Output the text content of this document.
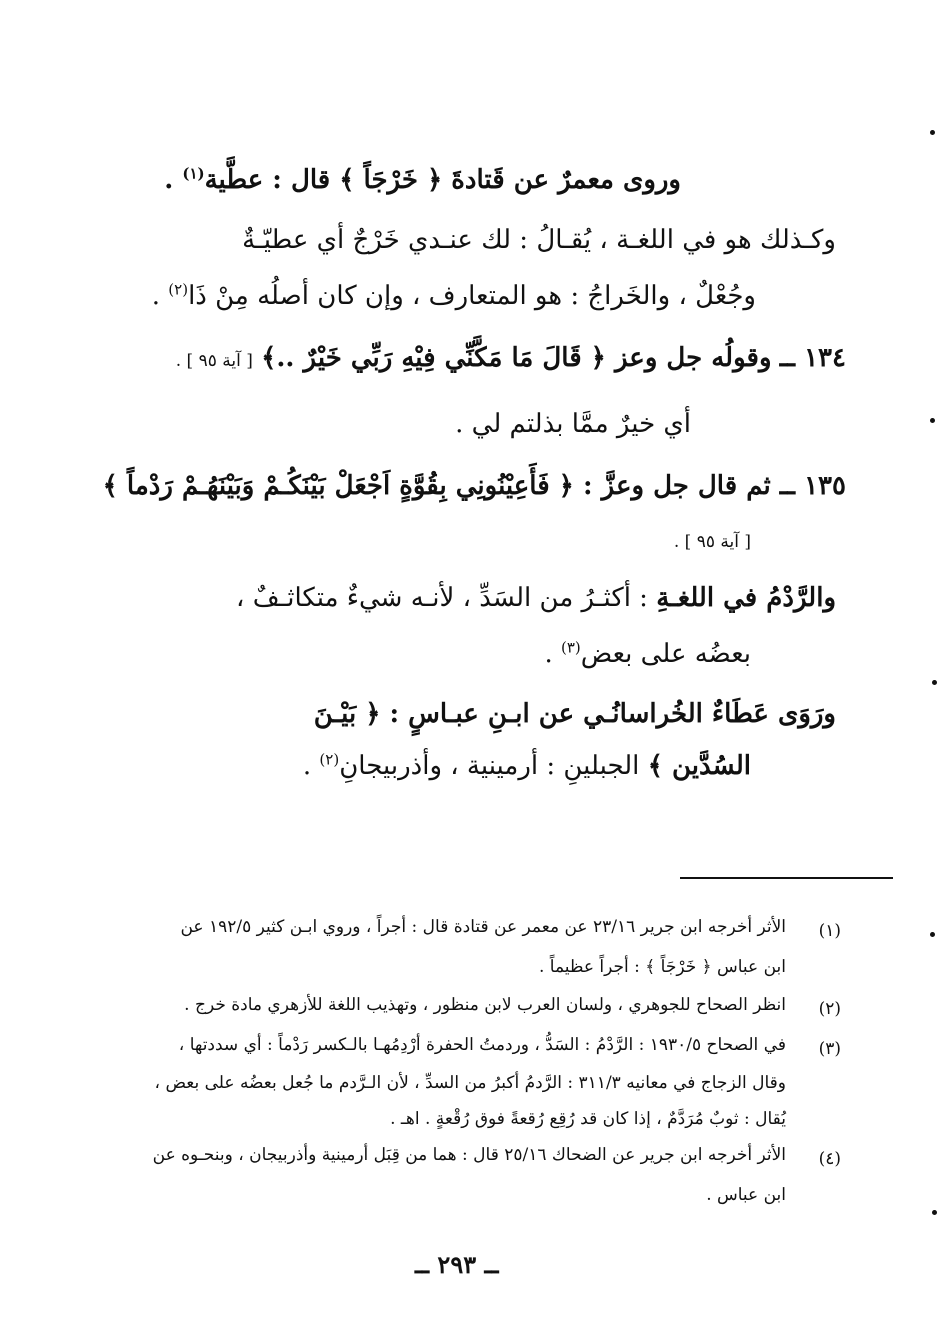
وروى معمرٌ عن قَتادةَ ﴿ خَرْجَاً ﴾ قال : عطَّية$^{(١)}$ .
وكـذلك هو في اللغـة ، يُقـالُ : لك عنـدي خَرْجٌ أي عطيّـةٌ
وجُعْلٌ ، والخَراجُ : هو المتعارف ، وإن كان أصلُه مِنْ ذَا$^{(٢)}$ .
١٣٤ ــ وقولُه جل وعز ﴿ قَالَ مَا مَكَّنِّي فِيْهِ رَبِّي خَيْرٌ ..﴾ [ آية ٩٥ ] .
أي خيرٌ ممَّا بذلتم لي .
١٣٥ ــ ثم قال جل وعزَّ : ﴿ فَأَعِيْنُونِي بِقُوَّةٍ اَجْعَلْ بَيْنَكُـمْ وَبَيْنَهُـمْ رَدْماً ﴾
[ آية ٩٥ ] .
والرَّدْمُ في اللغـةِ : أكثـرُ من السَدِّ ، لأنـه شيءٌ متكاثـفٌ ،
بعضُه على بعض$^{(٣)}$ .
ورَوَى عَطَاءٌ الخُراسانُـي عن ابـنِ عبـاسٍ : ﴿ بَيْـنَ
السُدَّين ﴾ الجبلينِ : أرمينية ، وأذربيجانِ$^{(٢)}$ .
(١)
الأثر أخرجه ابن جرير ٢٣/١٦ عن معمر عن قتادة قال : أجراً ، وروي ابـن كثير ١٩٢/٥ عن
ابن عباس ﴿ خَرْجَاً ﴾ : أجراً عظيماً .
(٢)
انظر الصحاح للجوهري ، ولسان العرب لابن منظور ، وتهذيب اللغة للأزهري مادة خرج .
(٣)
في الصحاح ١٩٣٠/٥ : الرَّدْمُ : السَدُّ ، وردمتُ الحفرة أرْدِمُهـا بالـكسر رَدْماً : أي سددتها ،
وقال الزجاج في معانيه ٣١١/٣ : الرَّدمُ أكبرُ من السدِّ ، لأن الـرَّدم ما جُعل بعضُه على بعض ،
يُقال : ثوبٌ مُرَدَّمٌ ، إذا كان قد رُقِع رُقعةً فوق رُقْعةٍ . اهـ .
(٤)
الأثر أخرجه ابن جرير عن الضحاك ٢٥/١٦ قال : هما من قِبَل أرمينية وأذربيجان ، وبنحـوه عن
ابن عباس .
ــ ٢٩٣ ــ
